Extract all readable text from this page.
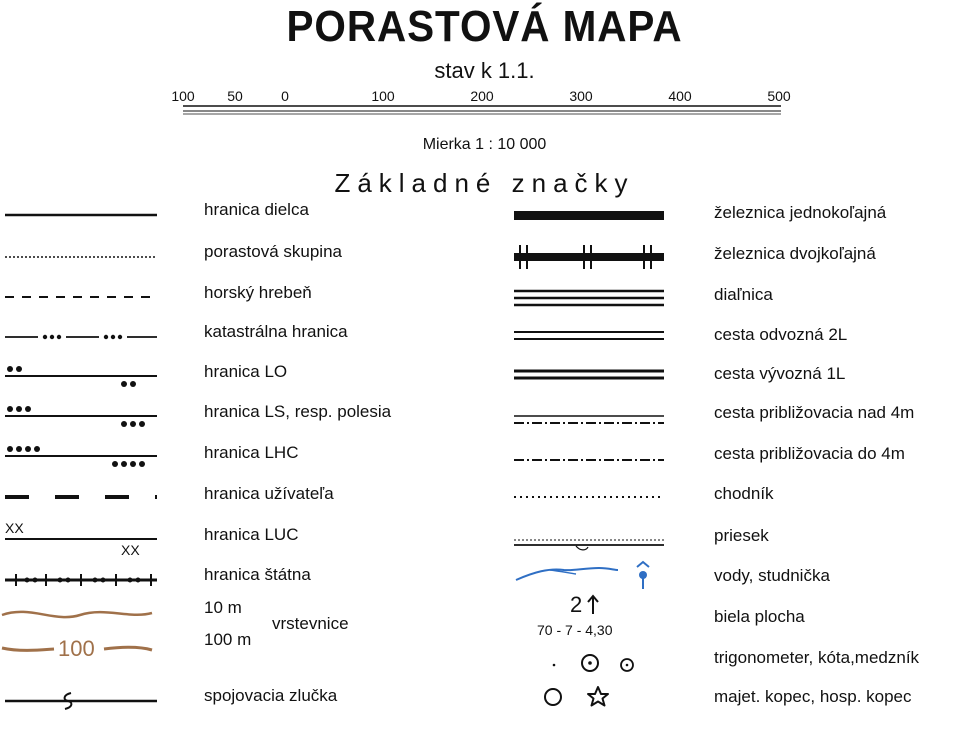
PORASTOVÁ MAPA
stav k 1.1.
100 50	0	100	200	300	400	500
Mierka 1 : 10 000
Základné značky
XX
XX
100
hranica dielca
porastová skupina
horský hrebeň
katastrálna hranica
hranica LO
hranica LS, resp. polesia
hranica LHC
hranica užívateľa
hranica LUC
hranica štátna
10 m
100 m
vrstevnice
spojovacia zlučka
2
70 - 7 - 4,30
železnica jednokoľajná
železnica dvojkoľajná
diaľnica
cesta odvozná 2L
cesta vývozná 1L
cesta približovacia nad 4m
cesta približovacia do 4m
chodník
priesek
vody, studnička
biela plocha
trigonometer, kóta,medzník
majet. kopec, hosp. kopec
